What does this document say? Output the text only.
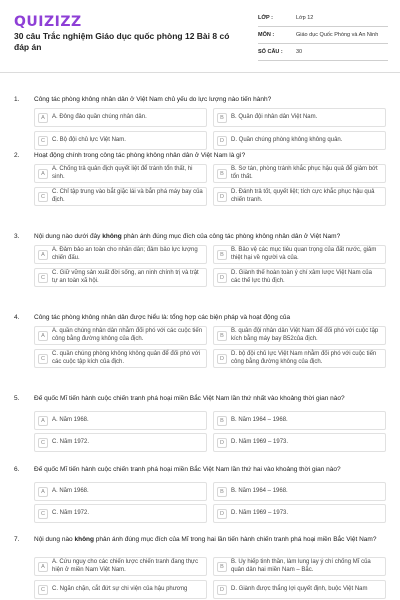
QUIZIZZ
30 câu Trắc nghiệm Giáo dục quốc phòng 12 Bài 8 có đáp án
LỚP :	Lớp 12
MÔN :	Giáo dục Quốc Phòng và An Ninh
SỐ CÂU : 30
1. Công tác phòng không nhân dân ở Việt Nam chủ yếu do lực lượng nào tiến hành?
A	A. Đông đảo quần chúng nhân dân.	B	B. Quân đội nhân dân Việt Nam.
C	C. Bộ đội chủ lực Việt Nam.	D	D. Quần chúng phòng không không quân.
2. Hoạt động chính trong công tác phòng không nhân dân ở Việt Nam là gì?
A
A. Chống trả quân địch quyết liệt để tránh tổn thất, hi sinh.	B
B. Sơ tán, phòng tránh khắc phục hậu quả để giảm bớt tổn thất.
C
C. Chỉ tập trung vào bắt giặc lái và bắn phá máy bay của địch.	D
D. Đánh trả tốt, quyết liệt; tích cực khắc phục hậu quả chiến tranh.
3. Nội dung nào dưới đây không phản ánh đúng mục đích của công tác phòng không nhân dân ở Việt Nam?
A
A. Đảm bảo an toàn cho nhân dân; đảm bảo lực lượng chiến đấu.	B
B. Bảo vệ các mục tiêu quan trọng của đất nước, giảm thiệt hại về người và của.
C
C. Giữ vững sản xuất đời sống, an ninh chính trị và trật tự an toàn xã hội.	D
D. Giành thế hoàn toàn ý chí xâm lược Việt Nam của các thế lực thù địch.
4. Công tác phòng không nhân dân được hiểu là: tổng hợp các biện pháp và hoạt động của
A
A. quần chúng nhân dân nhằm đối phó với các cuộc tiến công bằng đường không của địch.	B
B. quân đội nhân dân Việt Nam để đối phó với cuộc tập kích bằng máy bay B52của địch.
C
C. quần chúng phòng không không quân để đối phó với các cuộc tập kích của địch.	D
D. bộ đội chủ lực Việt Nam nhằm đối phó với cuộc tiến công bằng đường không của địch.
5. Đế quốc Mĩ tiến hành cuộc chiến tranh phá hoại miền Bắc Việt Nam lần thứ nhất vào khoảng thời gian nào?
A	A. Năm 1968.	B	B. Năm 1964 – 1968.
C	C. Năm 1972.	D	D. Năm 1969 – 1973.
6. Đế quốc Mĩ tiến hành cuộc chiến tranh phá hoại miền Bắc Việt Nam lần thứ hai vào khoảng thời gian nào?
A	A. Năm 1968.	B	B. Năm 1964 – 1968.
C	C. Năm 1972.	D	D. Năm 1969 – 1973.
7. Nội dung nào không phản ánh đúng mục đích của Mĩ trong hai lần tiến hành chiến tranh phá hoại miền Bắc Việt Nam?
A
A. Cứu nguy cho các chiến lược chiến tranh đang thực hiện ở miền Nam Việt Nam.	B
B. Uy hiếp tinh thần, làm lung lay ý chí chống Mĩ của quân dân hai miền Nam – Bắc.
C	C. Ngăn chặn, cắt đứt sự chi viện của hậu phương	D	D. Giành được thắng lợi quyết định, buộc Việt Nam
